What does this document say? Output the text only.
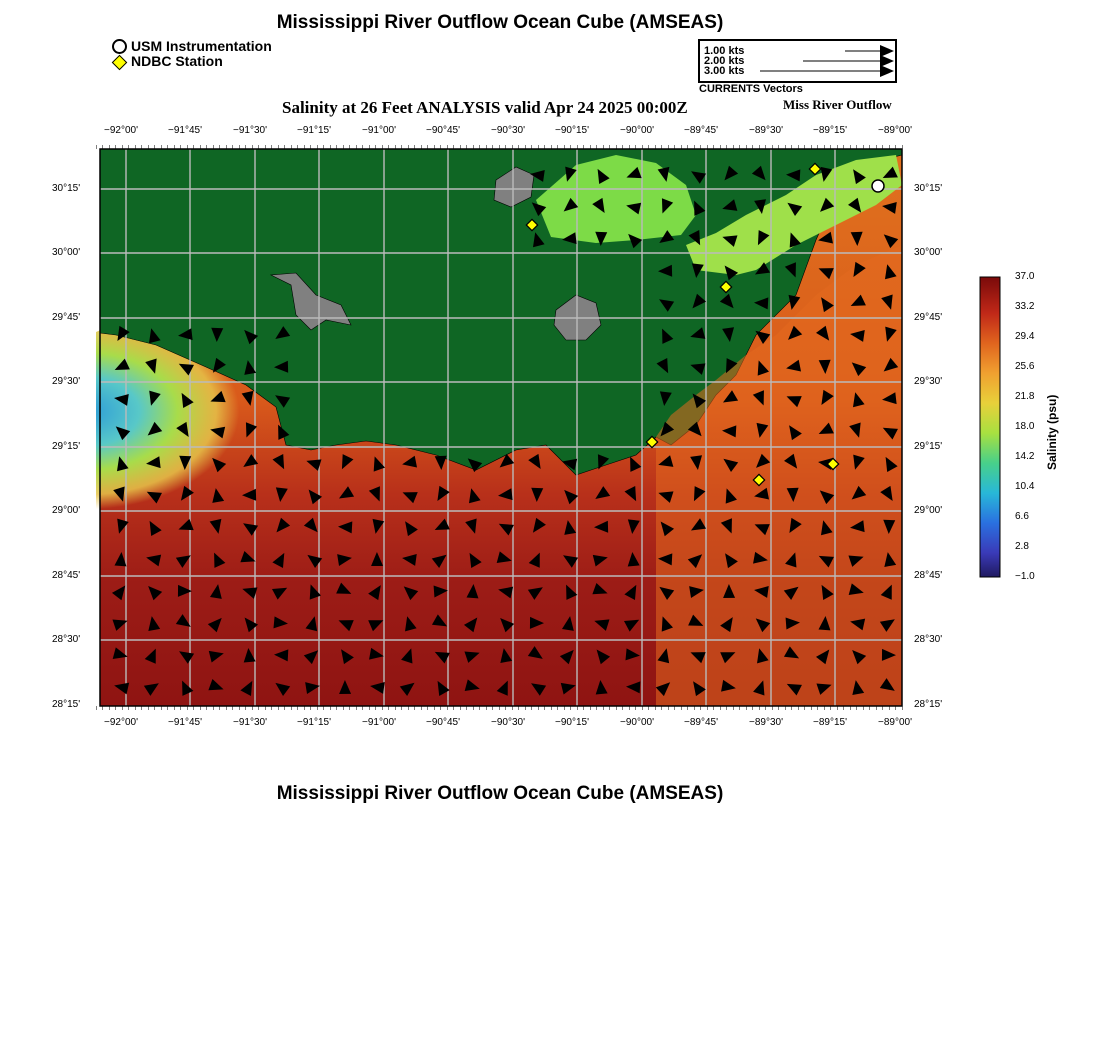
Mississippi River Outflow Ocean Cube (AMSEAS)
USM Instrumentation
NDBC Station
1.00 kts
2.00 kts
3.00 kts
CURRENTS Vectors
Salinity at 26 Feet ANALYSIS valid Apr 24 2025 00:00Z	Miss River Outflow
Salinity (psu)
Mississippi River Outflow Ocean Cube (AMSEAS)
−92°00'
−92°00'
−91°45'
−91°45'
−91°30'
−91°30'
−91°15'
−91°15'
−91°00'
−91°00'
−90°45'
−90°45'
−90°30'
−90°30'
−90°15'
−90°15'
−90°00'
−90°00'
−89°45'
−89°45'
−89°30'
−89°30'
−89°15'
−89°15'
−89°00'
−89°00'
30°15'	30°15'
30°00'	30°00'
29°45'	29°45'
29°30'	29°30'
29°15'	29°15'
29°00'	29°00'
28°45'	28°45'
28°30'	28°30'
28°15'	28°15'
37.0
33.2
29.4
25.6
21.8
18.0
14.2
10.4
6.6
2.8
−1.0
